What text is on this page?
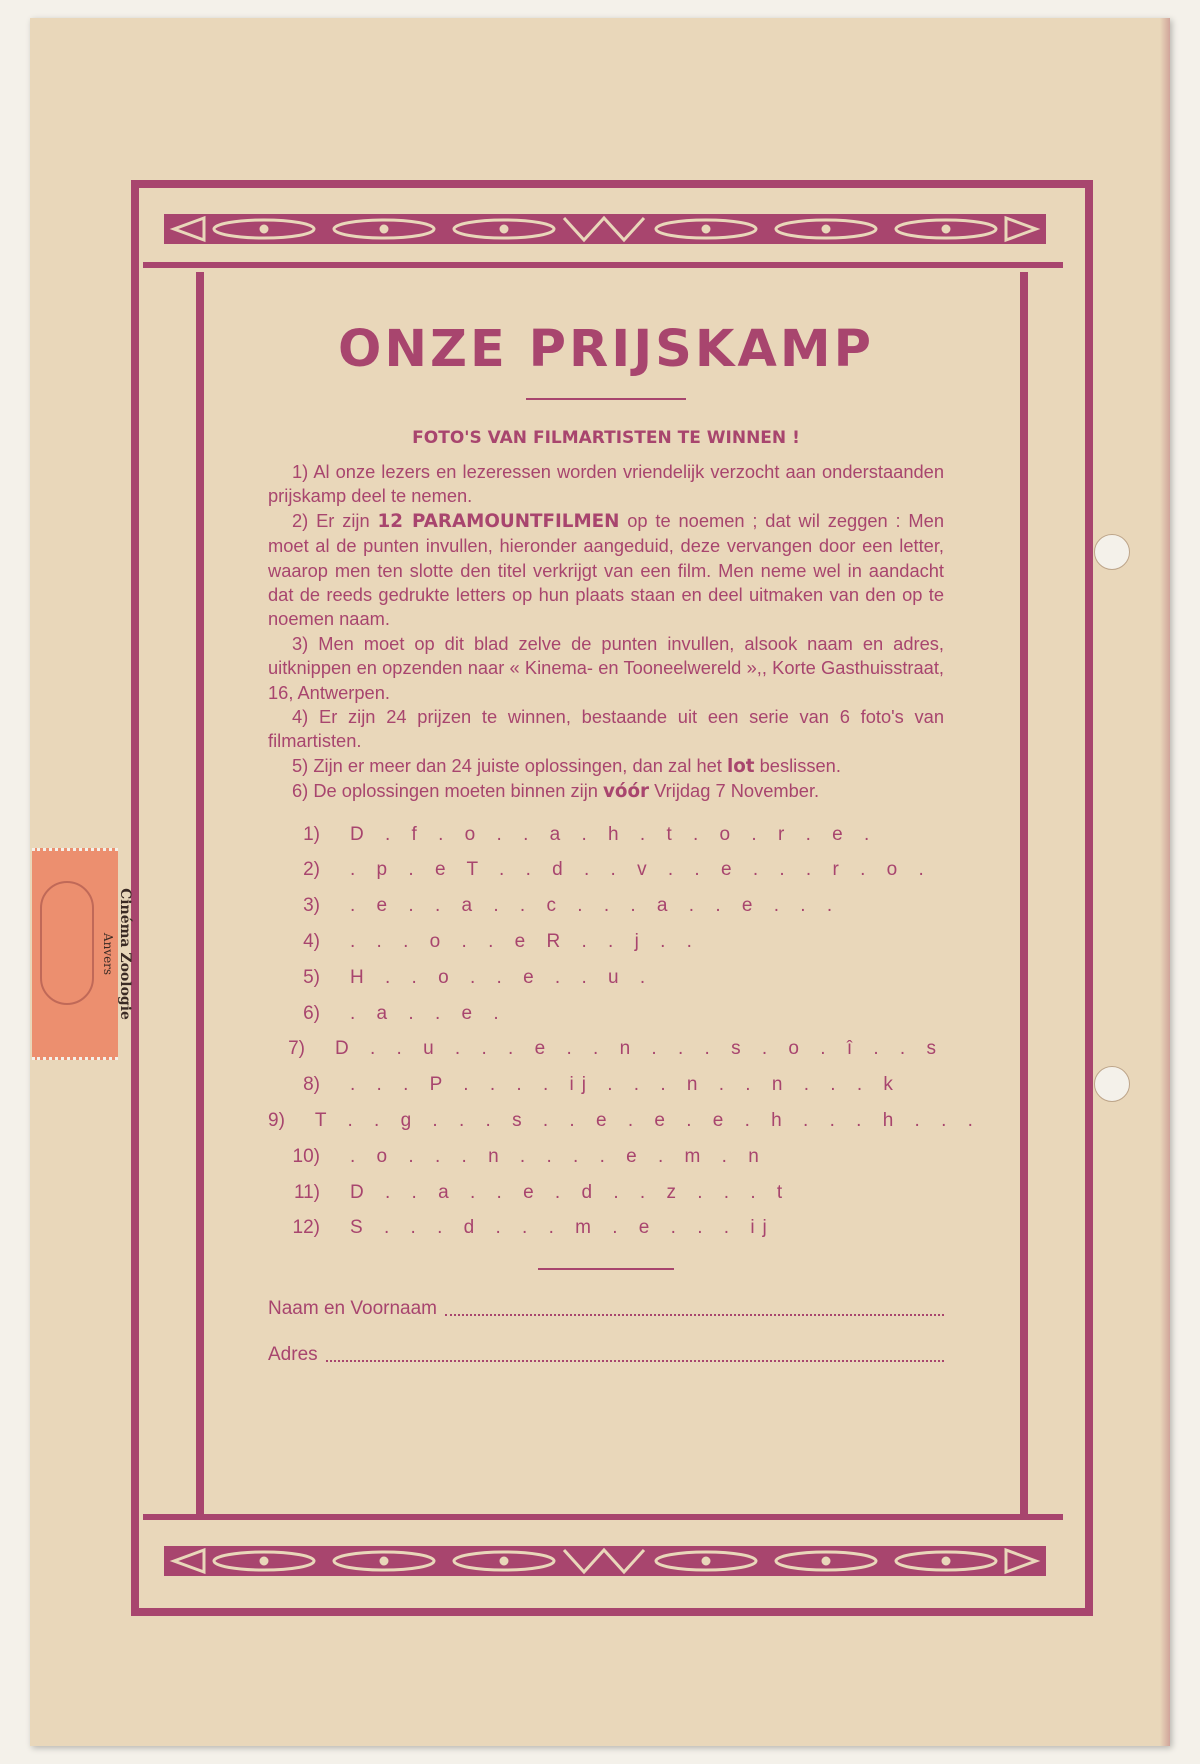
ONZE PRIJSKAMP
FOTO'S VAN FILMARTISTEN TE WINNEN !

1) Al onze lezers en lezeressen worden vriendelijk verzocht aan onderstaanden prijskamp deel te nemen.

2) Er zijn 12 PARAMOUNTFILMEN op te noemen ; dat wil zeggen : Men moet al de punten invullen, hieronder aangeduid, deze vervangen door een letter, waarop men ten slotte den titel verkrijgt van een film. Men neme wel in aandacht dat de reeds gedrukte letters op hun plaats staan en deel uitmaken van den op te noemen naam.

3) Men moet op dit blad zelve de punten invullen, alsook naam en adres, uitknippen en opzenden naar « Kinema- en Tooneelwereld »,, Korte Gasthuisstraat, 16, Antwerpen.

4) Er zijn 24 prijzen te winnen, bestaande uit een serie van 6 foto's van filmartisten.

5) Zijn er meer dan 24 juiste oplossingen, dan zal het lot beslissen.

6) De oplossingen moeten binnen zijn vóór Vrijdag 7 November.

1)	D . f . o . . a . h . t . o . r . e .
2)	. p . e T . . d . . v . . e . . . r . o .
3)	. e . . a . . c . . . a . . e . . .
4)	. . . o . . e R . . j . .
5)	H . . o . . e . . u .
6)	. a . . e .
7)	D . . u . . . e . . n . . . s . o . î . . s
8)	. . . P . . . . ij . . . n . . n . . . k
9)	T . . g . . . s . . e . e . e . h . . . h . . .
10)	. o . . . n . . . . e . m . n
11)	D . . a . . e . d . . z . . . t
12)	S . . . d . . . m . e . . . ij
Naam en Voornaam
Adres
Cinéma Zoologie
Anvers
